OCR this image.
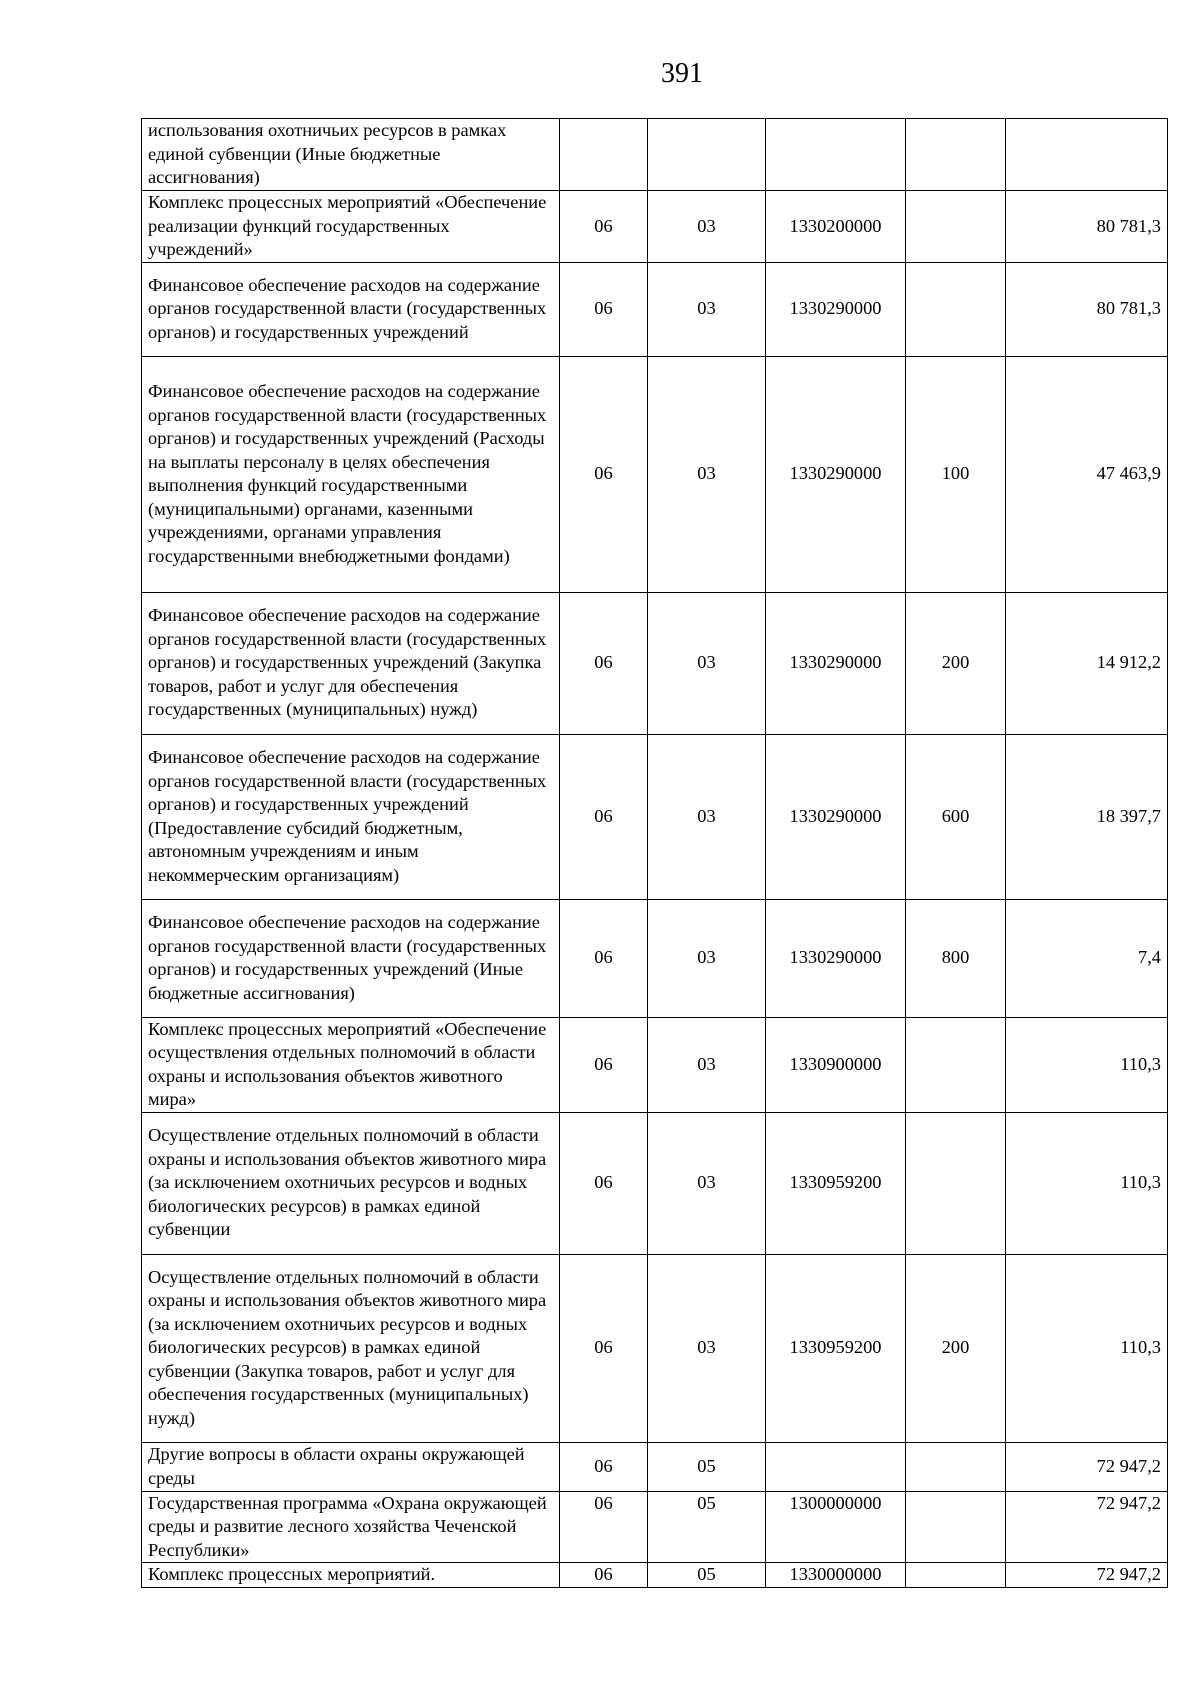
391
использования охотничьих ресурсов в рамках единой субвенции (Иные бюджетные ассигнования)					
Комплекс процессных мероприятий «Обеспечение реализации функций государственных учреждений»	06	03	1330200000		80 781,3
Финансовое обеспечение расходов на содержание органов государственной власти (государственных органов) и государственных учреждений	06	03	1330290000		80 781,3
Финансовое обеспечение расходов на содержание органов государственной власти (государственных органов) и государственных учреждений (Расходы на выплаты персоналу в целях обеспечения выполнения функций государственными (муниципальными) органами, казенными учреждениями, органами управления государственными внебюджетными фондами)	06	03	1330290000	100	47 463,9
Финансовое обеспечение расходов на содержание органов государственной власти (государственных органов) и государственных учреждений (Закупка товаров, работ и услуг для обеспечения государственных (муниципальных) нужд)	06	03	1330290000	200	14 912,2
Финансовое обеспечение расходов на содержание органов государственной власти (государственных органов) и государственных учреждений (Предоставление субсидий бюджетным, автономным учреждениям и иным некоммерческим организациям)	06	03	1330290000	600	18 397,7
Финансовое обеспечение расходов на содержание органов государственной власти (государственных органов) и государственных учреждений (Иные бюджетные ассигнования)	06	03	1330290000	800	7,4
Комплекс процессных мероприятий «Обеспечение осуществления отдельных полномочий в области охраны и использования объектов животного мира»	06	03	1330900000		110,3
Осуществление отдельных полномочий в области охраны и использования объектов животного мира (за исключением охотничьих ресурсов и водных биологических ресурсов) в рамках единой субвенции	06	03	1330959200		110,3
Осуществление отдельных полномочий в области охраны и использования объектов животного мира (за исключением охотничьих ресурсов и водных биологических ресурсов) в рамках единой субвенции (Закупка товаров, работ и услуг для обеспечения государственных (муниципальных) нужд)	06	03	1330959200	200	110,3
Другие вопросы в области охраны окружающей среды	06	05			72 947,2
Государственная программа «Охрана окружающей среды и развитие лесного хозяйства Чеченской Республики»	06	05	1300000000		72 947,2
Комплекс процессных мероприятий.	06	05	1330000000		72 947,2
